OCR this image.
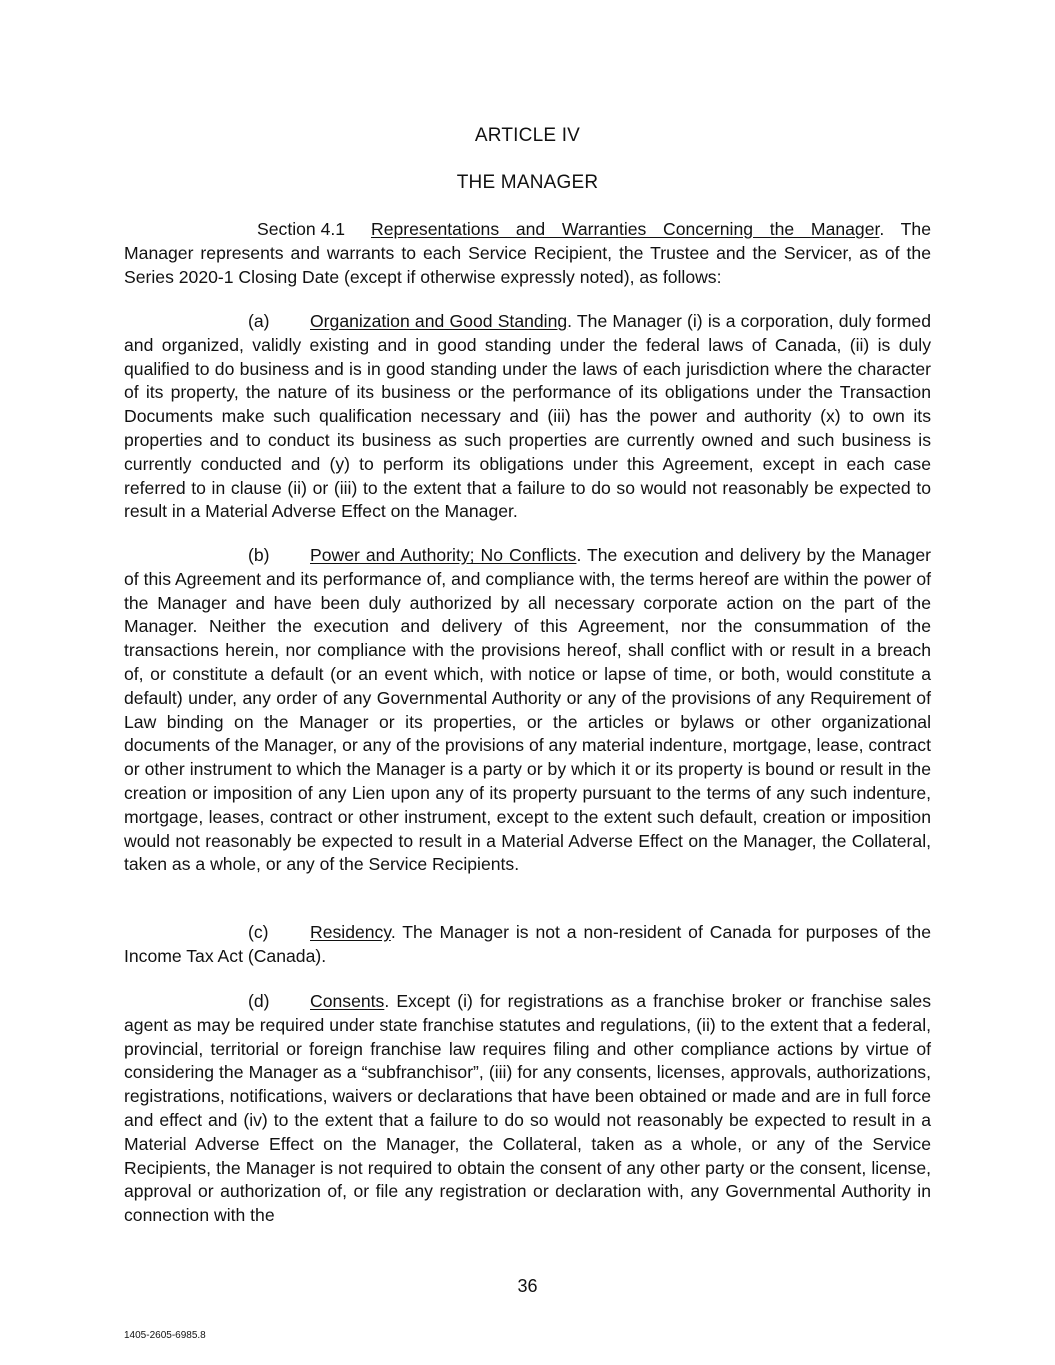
ARTICLE IV
THE MANAGER

Section 4.1 Representations and Warranties Concerning the Manager. The Manager represents and warrants to each Service Recipient, the Trustee and the Servicer, as of the Series 2020-1 Closing Date (except if otherwise expressly noted), as follows:

(a) Organization and Good Standing. The Manager (i) is a corporation, duly formed and organized, validly existing and in good standing under the federal laws of Canada, (ii) is duly qualified to do business and is in good standing under the laws of each jurisdiction where the character of its property, the nature of its business or the performance of its obligations under the Transaction Documents make such qualification necessary and (iii) has the power and authority (x) to own its properties and to conduct its business as such properties are currently owned and such business is currently conducted and (y) to perform its obligations under this Agreement, except in each case referred to in clause (ii) or (iii) to the extent that a failure to do so would not reasonably be expected to result in a Material Adverse Effect on the Manager.

(b) Power and Authority; No Conflicts. The execution and delivery by the Manager of this Agreement and its performance of, and compliance with, the terms hereof are within the power of the Manager and have been duly authorized by all necessary corporate action on the part of the Manager. Neither the execution and delivery of this Agreement, nor the consummation of the transactions herein, nor compliance with the provisions hereof, shall conflict with or result in a breach of, or constitute a default (or an event which, with notice or lapse of time, or both, would constitute a default) under, any order of any Governmental Authority or any of the provisions of any Requirement of Law binding on the Manager or its properties, or the articles or bylaws or other organizational documents of the Manager, or any of the provisions of any material indenture, mortgage, lease, contract or other instrument to which the Manager is a party or by which it or its property is bound or result in the creation or imposition of any Lien upon any of its property pursuant to the terms of any such indenture, mortgage, leases, contract or other instrument, except to the extent such default, creation or imposition would not reasonably be expected to result in a Material Adverse Effect on the Manager, the Collateral, taken as a whole, or any of the Service Recipients.

(c) Residency. The Manager is not a non-resident of Canada for purposes of the Income Tax Act (Canada).

(d) Consents. Except (i) for registrations as a franchise broker or franchise sales agent as may be required under state franchise statutes and regulations, (ii) to the extent that a federal, provincial, territorial or foreign franchise law requires filing and other compliance actions by virtue of considering the Manager as a “subfranchisor”, (iii) for any consents, licenses, approvals, authorizations, registrations, notifications, waivers or declarations that have been obtained or made and are in full force and effect and (iv) to the extent that a failure to do so would not reasonably be expected to result in a Material Adverse Effect on the Manager, the Collateral, taken as a whole, or any of the Service Recipients, the Manager is not required to obtain the consent of any other party or the consent, license, approval or authorization of, or file any registration or declaration with, any Governmental Authority in connection with the

36
1405-2605-6985.8
